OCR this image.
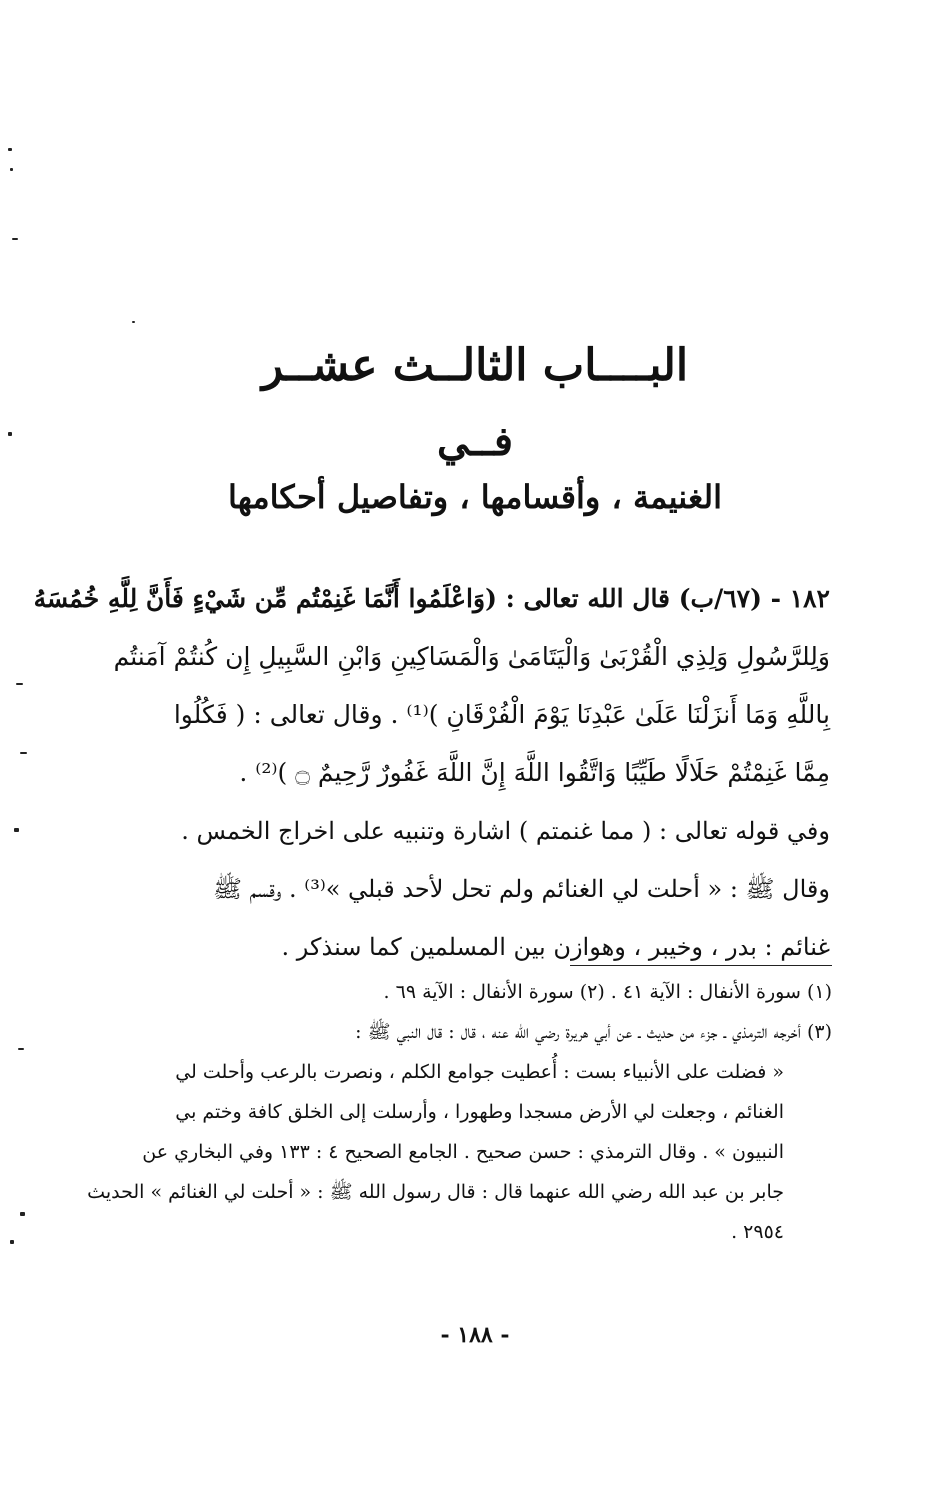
البــــاب الثالــث عشــر
فــي
الغنيمة ، وأقسامها ، وتفاصيل أحكامها
١٨٢ - (٦٧/ب) قال الله تعالى : (وَاعْلَمُوا أَنَّمَا غَنِمْتُم مِّن شَيْءٍ فَأَنَّ لِلَّهِ خُمُسَهُ
وَلِلرَّسُولِ وَلِذِي الْقُرْبَىٰ وَالْيَتَامَىٰ وَالْمَسَاكِينِ وَابْنِ السَّبِيلِ إِن كُنتُمْ آمَنتُم
بِاللَّهِ وَمَا أَنزَلْنَا عَلَىٰ عَبْدِنَا يَوْمَ الْفُرْقَانِ )⁽¹⁾ . وقال تعالى : ( فَكُلُوا
مِمَّا غَنِمْتُمْ حَلَالًا طَيِّبًا وَاتَّقُوا اللَّهَ إِنَّ اللَّهَ غَفُورٌ رَّحِيمٌ ۝ )⁽²⁾ .
وفي قوله تعالى : ( مما غنمتم ) اشارة وتنبيه على اخراج الخمس .
وقال ﷺ : « أحلت لي الغنائم ولم تحل لأحد قبلي »⁽³⁾ . وقسم ﷺ
غنائم : بدر ، وخيبر ، وهوازن بين المسلمين كما سنذكر .
(١) سورة الأنفال : الآية ٤١ . (٢) سورة الأنفال : الآية ٦٩ .
(٣) أخرجه الترمذي ـ جزء من حديث ـ عن أبي هريرة رضي الله عنه ، قال : قال النبي ﷺ :
« فضلت على الأنبياء بست : أُعطيت جوامع الكلم ، ونصرت بالرعب وأحلت لي
الغنائم ، وجعلت لي الأرض مسجدا وطهورا ، وأرسلت إلى الخلق كافة وختم بي
النبيون » . وقال الترمذي : حسن صحيح . الجامع الصحيح ٤ : ١٣٣ وفي البخاري عن
جابر بن عبد الله رضي الله عنهما قال : قال رسول الله ﷺ : « أحلت لي الغنائم » الحديث
٢٩٥٤ .
- ١٨٨ -
